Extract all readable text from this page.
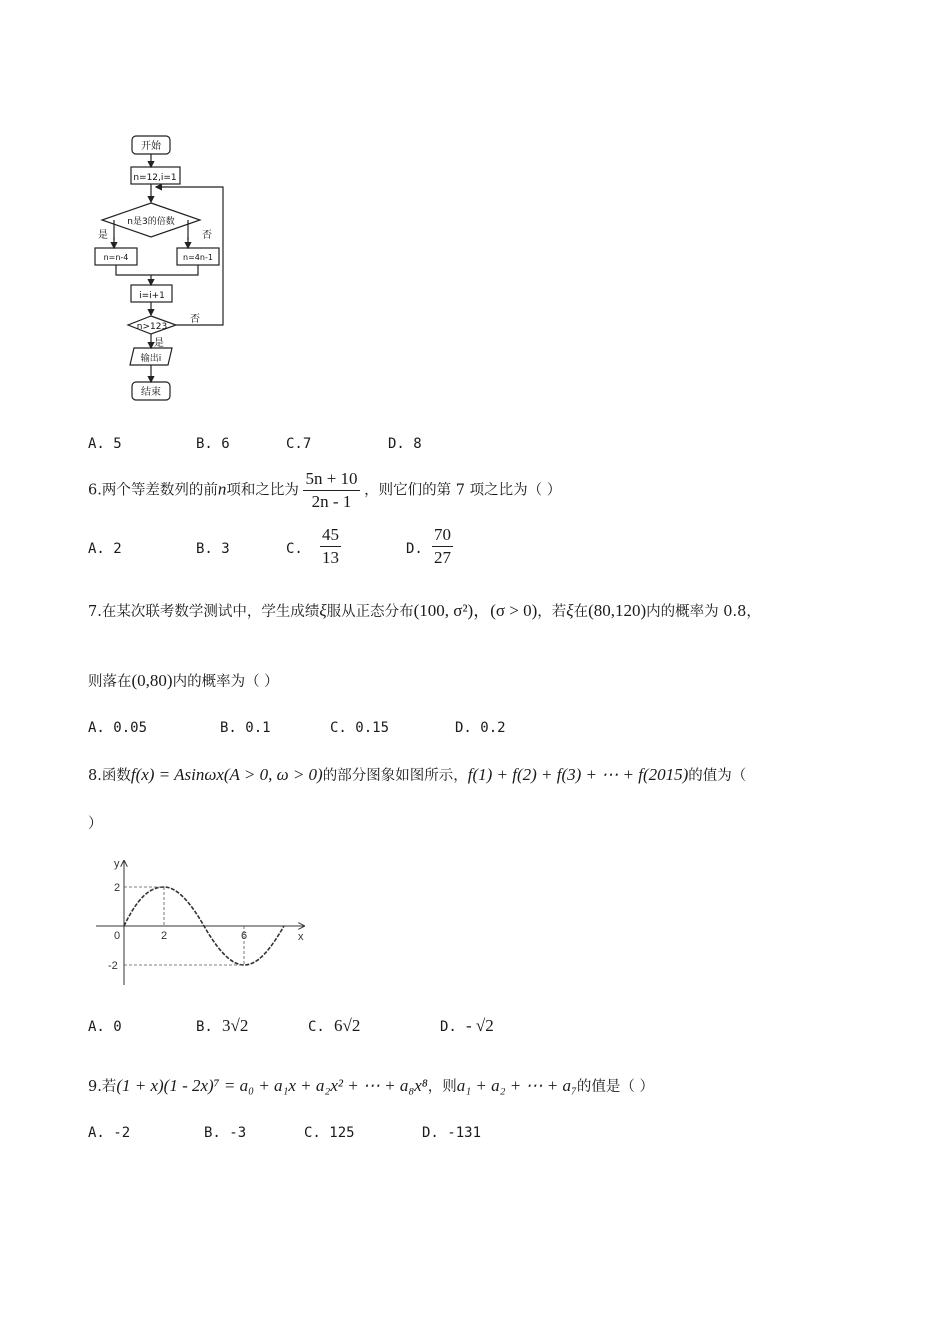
开始
n=12,i=1
n是3的倍数
是	否
n=n-4	n=4n-1
i=i+1
n>123
否
是
输出i
结束
A. 5	B. 6	C.7	D. 8
6.两个等差数列的前n项和之比为 $\frac{5n + 10}{2n - 1}$ ，则它们的第 7 项之比为（ ）
A. 2	B. 3	C. $\frac{45}{13}$	D. $\frac{70}{27}$
7.在某次联考数学测试中，学生成绩ξ服从正态分布(100, σ²)，(σ > 0)，若ξ在(80,120)内的概率为 0.8，
则落在(0,80)内的概率为（ ）
A. 0.05	B. 0.1	C. 0.15	D. 0.2
8.函数f(x) = Asinωx(A > 0, ω > 0)的部分图象如图所示，f(1) + f(2) + f(3) + ⋯ + f(2015)的值为（
）
y
x
2
-2
2	6
0
A. 0	B. 3√2	C. 6√2	D. - √2
9.若(1 + x)(1 - 2x)⁷ = a₀ + a₁x + a₂x² + ⋯ + a₈x⁸，则a₁ + a₂ + ⋯ + a₇的值是（ ）
A. -2	B. -3	C. 125	D. -131
